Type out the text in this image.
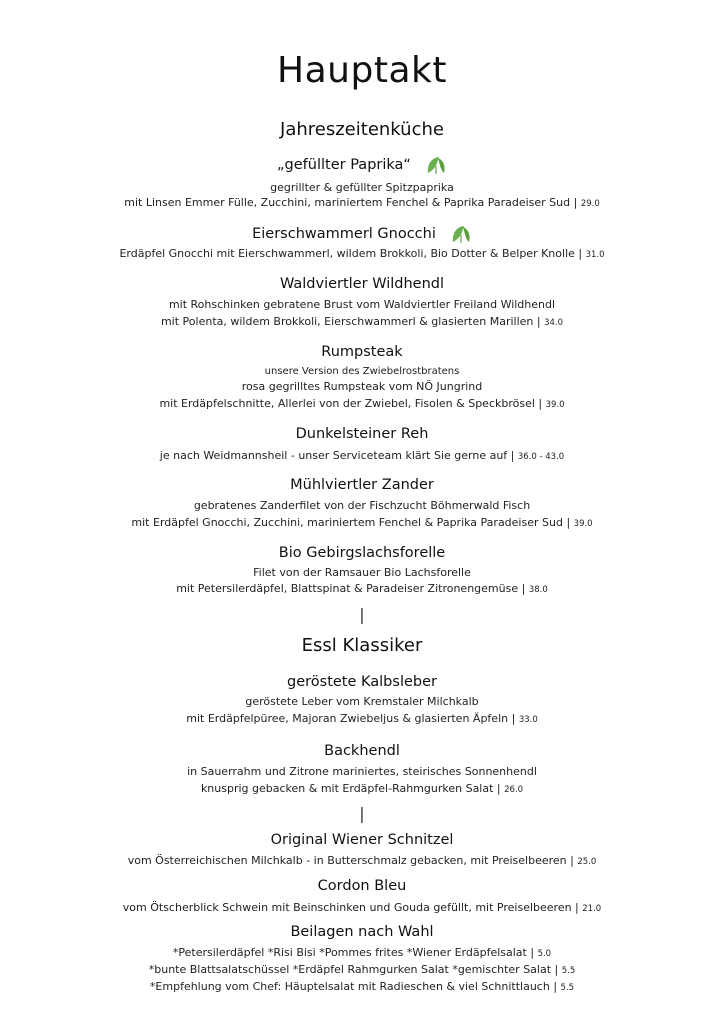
Hauptakt
Jahreszeitenküche
„gefüllter Paprika“
gegrillter & gefüllter Spitzpaprika
mit Linsen Emmer Fülle, Zucchini, mariniertem Fenchel & Paprika Paradeiser Sud | 29.0
Eierschwammerl Gnocchi
Erdäpfel Gnocchi mit Eierschwammerl, wildem Brokkoli, Bio Dotter & Belper Knolle | 31.0
Waldviertler Wildhendl
mit Rohschinken gebratene Brust vom Waldviertler Freiland Wildhendl
mit Polenta, wildem Brokkoli, Eierschwammerl & glasierten Marillen | 34.0
Rumpsteak
unsere Version des Zwiebelrostbratens
rosa gegrilltes Rumpsteak vom NÖ Jungrind
mit Erdäpfelschnitte, Allerlei von der Zwiebel, Fisolen & Speckbrösel | 39.0
Dunkelsteiner Reh
je nach Weidmannsheil - unser Serviceteam klärt Sie gerne auf | 36.0 - 43.0
Mühlviertler Zander
gebratenes Zanderfilet von der Fischzucht Böhmerwald Fisch
mit Erdäpfel Gnocchi, Zucchini, mariniertem Fenchel & Paprika Paradeiser Sud | 39.0
Bio Gebirgslachsforelle
Filet von der Ramsauer Bio Lachsforelle
mit Petersilerdäpfel, Blattspinat & Paradeiser Zitronengemüse | 38.0
|
Essl Klassiker
geröstete Kalbsleber
geröstete Leber vom Kremstaler Milchkalb
mit Erdäpfelpüree, Majoran Zwiebeljus & glasierten Äpfeln | 33.0
Backhendl
in Sauerrahm und Zitrone mariniertes, steirisches Sonnenhendl
knusprig gebacken & mit Erdäpfel-Rahmgurken Salat | 26.0
|
Original Wiener Schnitzel
vom Österreichischen Milchkalb - in Butterschmalz gebacken, mit Preiselbeeren | 25.0
Cordon Bleu
vom Ötscherblick Schwein mit Beinschinken und Gouda gefüllt, mit Preiselbeeren | 21.0
Beilagen nach Wahl
*Petersilerdäpfel *Risi Bisi *Pommes frites *Wiener Erdäpfelsalat | 5.0
*bunte Blattsalatschüssel *Erdäpfel Rahmgurken Salat *gemischter Salat | 5.5
*Empfehlung vom Chef: Häuptelsalat mit Radieschen & viel Schnittlauch | 5.5
